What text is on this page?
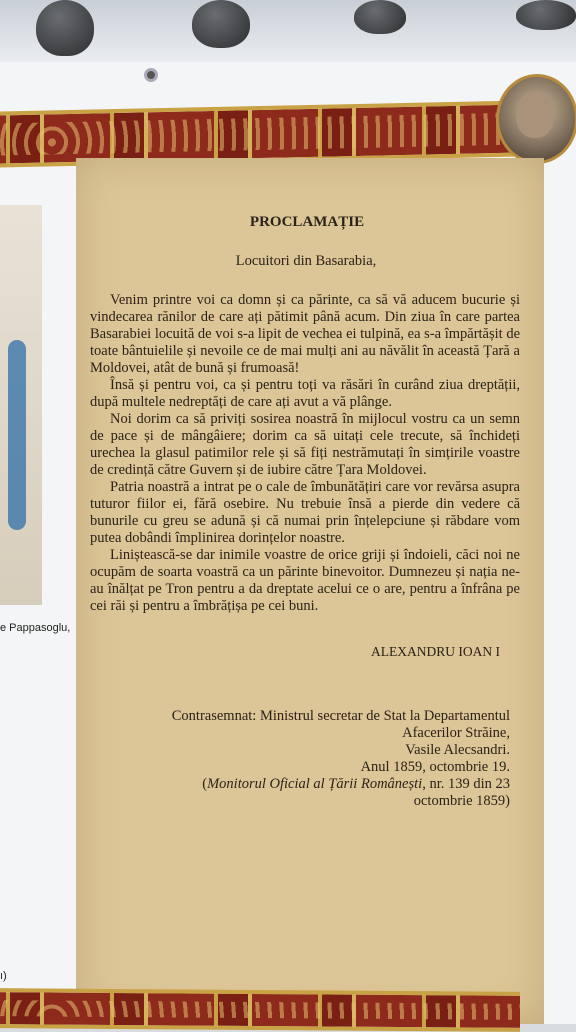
e Pappasoglu,
ı)
PROCLAMAȚIE
Locuitori din Basarabia,

Venim printre voi ca domn și ca părinte, ca să vă aducem bucurie și vindecarea rănilor de care ați pătimit până acum. Din ziua în care partea Basarabiei locuită de voi s-a lipit de vechea ei tulpină, ea s-a împărtășit de toate bântuielile și nevoile ce de mai mulți ani au năvălit în această Țară a Moldovei, atât de bună și frumoasă!

Însă și pentru voi, ca și pentru toți va răsări în curând ziua dreptății, după multele nedreptăți de care ați avut a vă plânge.

Noi dorim ca să priviți sosirea noastră în mijlocul vostru ca un semn de pace și de mângâiere; dorim ca să uitați cele trecute, să închideți urechea la glasul patimilor rele și să fiți nestrămutați în simțirile voastre de credință către Guvern și de iubire către Țara Moldovei.

Patria noastră a intrat pe o cale de îmbunătățiri care vor revărsa asupra tuturor fiilor ei, fără osebire. Nu trebuie însă a pierde din vedere că bunurile cu greu se adună și că numai prin înțelepciune și răbdare vom putea dobândi împlinirea dorințelor noastre.

Liniștească-se dar inimile voastre de orice griji și îndoieli, căci noi ne ocupăm de soarta voastră ca un părinte binevoitor. Dumnezeu și nația ne-au înălțat pe Tron pentru a da dreptate acelui ce o are, pentru a înfrâna pe cei răi și pentru a îmbrățișa pe cei buni.

ALEXANDRU IOAN I
Contrasemnat: Ministrul secretar de Stat la Departamentul
Afacerilor Străine,
Vasile Alecsandri.
Anul 1859, octombrie 19.
(Monitorul Oficial al Țării Românești, nr. 139 din 23
octombrie 1859)
